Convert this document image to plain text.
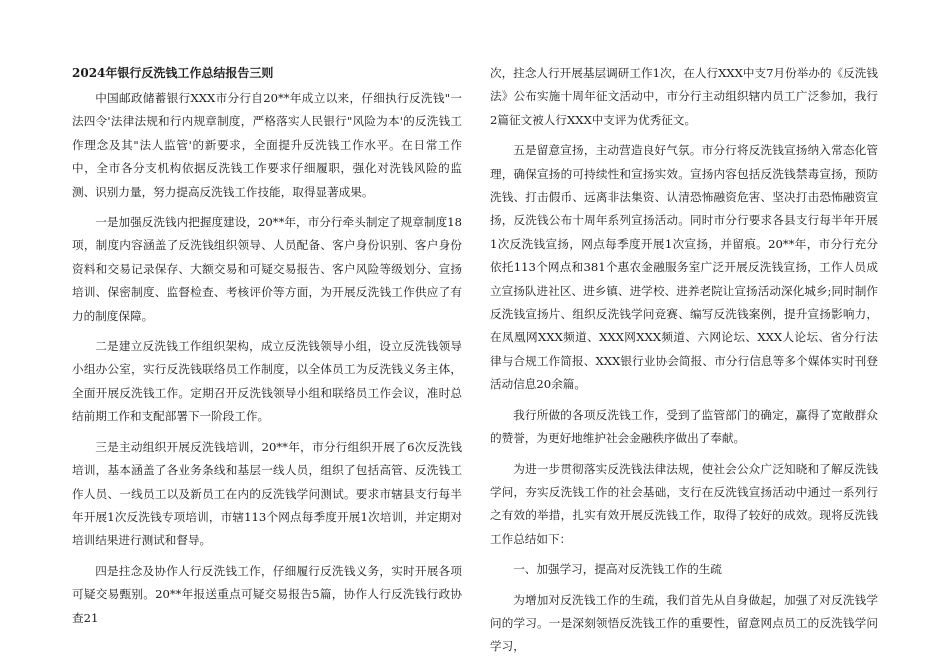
2024年银行反洗钱工作总结报告三则

中国邮政储蓄银行XXX市分行自20**年成立以来，仔细执行反洗钱"一法四令'法律法规和行内规章制度，严格落实人民银行"风险为本'的反洗钱工作理念及其"法人监管'的新要求，全面提升反洗钱工作水平。在日常工作中，全市各分支机构依据反洗钱工作要求仔细履职，强化对洗钱风险的监测、识别力量，努力提高反洗钱工作技能，取得显著成果。

一是加强反洗钱内把握度建设，20**年，市分行牵头制定了规章制度18项，制度内容涵盖了反洗钱组织领导、人员配备、客户身份识别、客户身份资料和交易记录保存、大额交易和可疑交易报告、客户风险等级划分、宣扬培训、保密制度、监督检查、考核评价等方面，为开展反洗钱工作供应了有力的制度保障。

二是建立反洗钱工作组织架构，成立反洗钱领导小组，设立反洗钱领导小组办公室，实行反洗钱联络员工作制度，以全体员工为反洗钱义务主体，全面开展反洗钱工作。定期召开反洗钱领导小组和联络员工作会议，准时总结前期工作和支配部署下一阶段工作。

三是主动组织开展反洗钱培训，20**年，市分行组织开展了6次反洗钱培训，基本涵盖了各业务条线和基层一线人员，组织了包括高管、反洗钱工作人员、一线员工以及新员工在内的反洗钱学问测试。要求市辖县支行每半年开展1次反洗钱专项培训，市辖113个网点每季度开展1次培训，并定期对培训结果进行测试和督导。

四是拄念及协作人行反洗钱工作，仔细履行反洗钱义务，实时开展各项可疑交易甄别。20**年报送重点可疑交易报告5篇，协作人行反洗钱行政协查21

次，拄念人行开展基层调研工作1次，在人行XXX中支7月份举办的《反洗钱法》公布实施十周年征文活动中，市分行主动组织辖内员工广泛参加，我行2篇征文被人行XXX中支评为优秀征文。

五是留意宣扬，主动营造良好气氛。市分行将反洗钱宣扬纳入常态化管理，确保宣扬的可持续性和宣扬实效。宣扬内容包括反洗钱禁毒宣扬，预防洗钱、打击假币、远离非法集资、认清恐怖融资危害、坚决打击恐怖融资宣扬，反洗钱公布十周年系列宣扬活动。同时市分行要求各县支行每半年开展1次反洗钱宣扬，网点每季度开展1次宣扬，并留痕。20**年，市分行充分依托113个网点和381个惠农金融服务室广泛开展反洗钱宣扬，工作人员成立宣扬队进社区、进乡镇、进学校、进养老院让宣扬活动深化城乡;同时制作反洗钱宣扬片、组织反洗钱学问竞赛、编写反洗钱案例，提升宣扬影响力，在凤凰网XXX频道、XXX网XXX频道、六网论坛、XXX人论坛、省分行法律与合规工作简报、XXX银行业协会简报、市分行信息等多个媒体实时刊登活动信息20余篇。

我行所做的各项反洗钱工作，受到了监管部门的确定，赢得了宽敞群众的赞誉，为更好地维护社会金融秩序做出了奉献。

为进一步贯彻落实反洗钱法律法规，使社会公众广泛知晓和了解反洗钱学问，夯实反洗钱工作的社会基础，支行在反洗钱宣扬活动中通过一系列行之有效的举措，扎实有效开展反洗钱工作，取得了较好的成效。现将反洗钱工作总结如下：

一、加强学习，提高对反洗钱工作的生疏

为增加对反洗钱工作的生疏，我们首先从自身做起，加强了对反洗钱学问的学习。一是深刻领悟反洗钱工作的重要性，留意网点员工的反洗钱学问学习，
